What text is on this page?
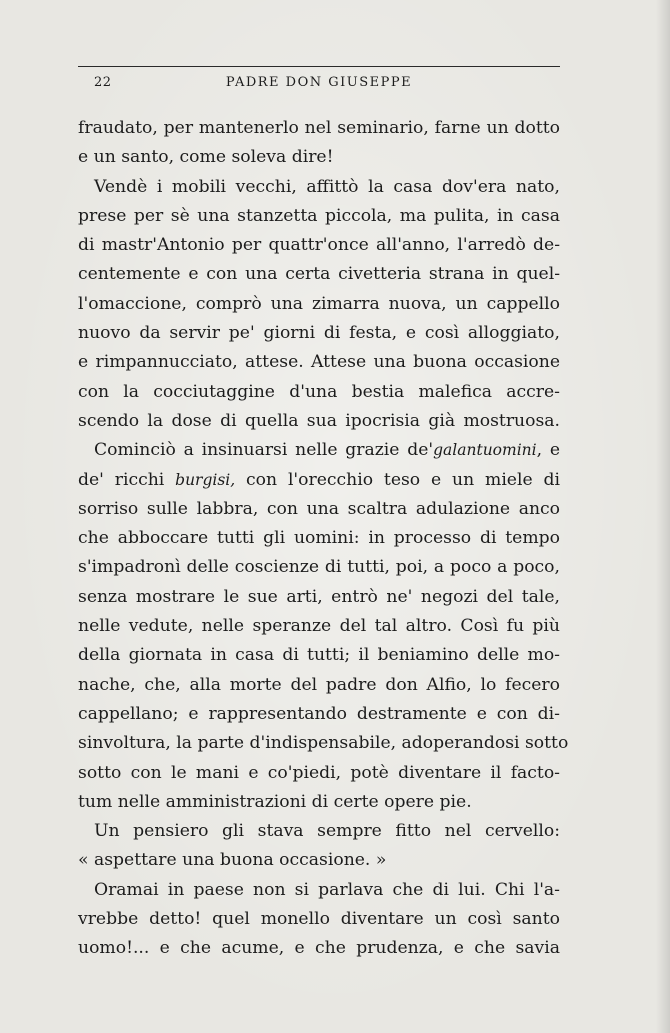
22	PADRE DON GIUSEPPE
fraudato, per mantenerlo nel seminario, farne un dotto
e un santo, come soleva dire!
Vendè i mobili vecchi, affittò la casa dov'era nato,
prese per sè una stanzetta piccola, ma pulita, in casa
di mastr'Antonio per quattr'once all'anno, l'arredò de-
centemente e con una certa civetteria strana in quel-
l'omaccione, comprò una zimarra nuova, un cappello
nuovo da servir pe' giorni di festa, e così alloggiato,
e rimpannucciato, attese. Attese una buona occasione
con la cocciutaggine d'una bestia malefica accre-
scendo la dose di quella sua ipocrisia già mostruosa.
Cominciò a insinuarsi nelle grazie de'galantuomini, e
de' ricchi burgisi, con l'orecchio teso e un miele di
sorriso sulle labbra, con una scaltra adulazione anco
che abboccare tutti gli uomini: in processo di tempo
s'impadronì delle coscienze di tutti, poi, a poco a poco,
senza mostrare le sue arti, entrò ne' negozi del tale,
nelle vedute, nelle speranze del tal altro. Così fu più
della giornata in casa di tutti; il beniamino delle mo-
nache, che, alla morte del padre don Alfio, lo fecero
cappellano; e rappresentando destramente e con di-
sinvoltura, la parte d'indispensabile, adoperandosi sotto
sotto con le mani e co'piedi, potè diventare il facto-
tum nelle amministrazioni di certe opere pie.
Un pensiero gli stava sempre fitto nel cervello:
« aspettare una buona occasione. »
Oramai in paese non si parlava che di lui. Chi l'a-
vrebbe detto! quel monello diventare un così santo
uomo!... e che acume, e che prudenza, e che savia
